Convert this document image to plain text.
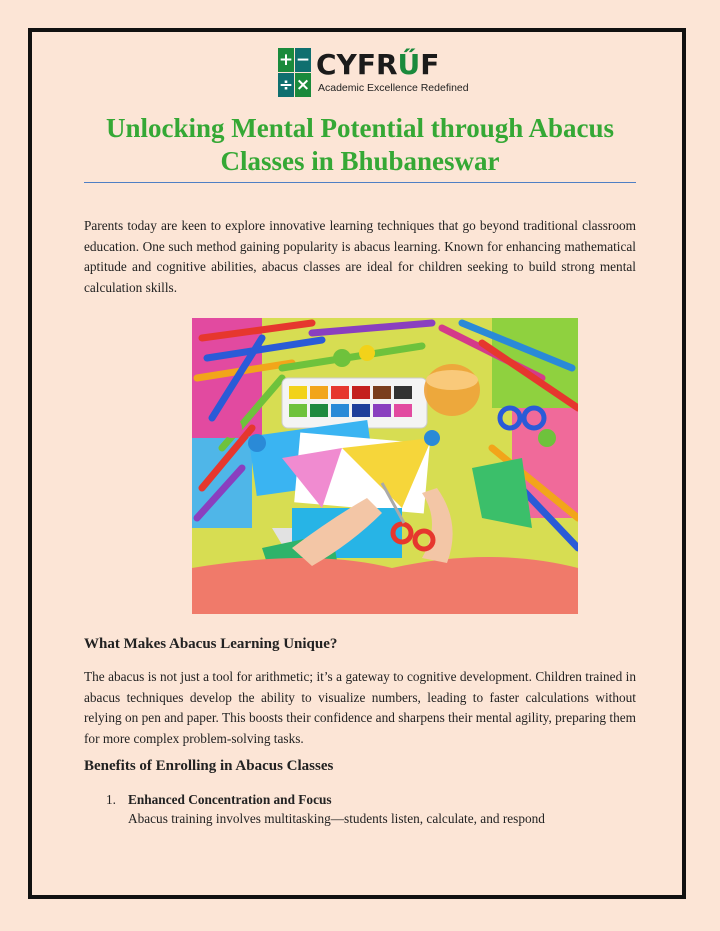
+ −
÷ ×
CYFRŰF
Academic Excellence Redefined
Unlocking Mental Potential through Abacus Classes in Bhubaneswar
Parents today are keen to explore innovative learning techniques that go beyond traditional classroom education. One such method gaining popularity is abacus learning. Known for enhancing mathematical aptitude and cognitive abilities, abacus classes are ideal for children seeking to build strong mental calculation skills.
What Makes Abacus Learning Unique?
The abacus is not just a tool for arithmetic; it’s a gateway to cognitive development. Children trained in abacus techniques develop the ability to visualize numbers, leading to faster calculations without relying on pen and paper. This boosts their confidence and sharpens their mental agility, preparing them for more complex problem-solving tasks.
Benefits of Enrolling in Abacus Classes
1. Enhanced Concentration and Focus
Abacus training involves multitasking—students listen, calculate, and respond
